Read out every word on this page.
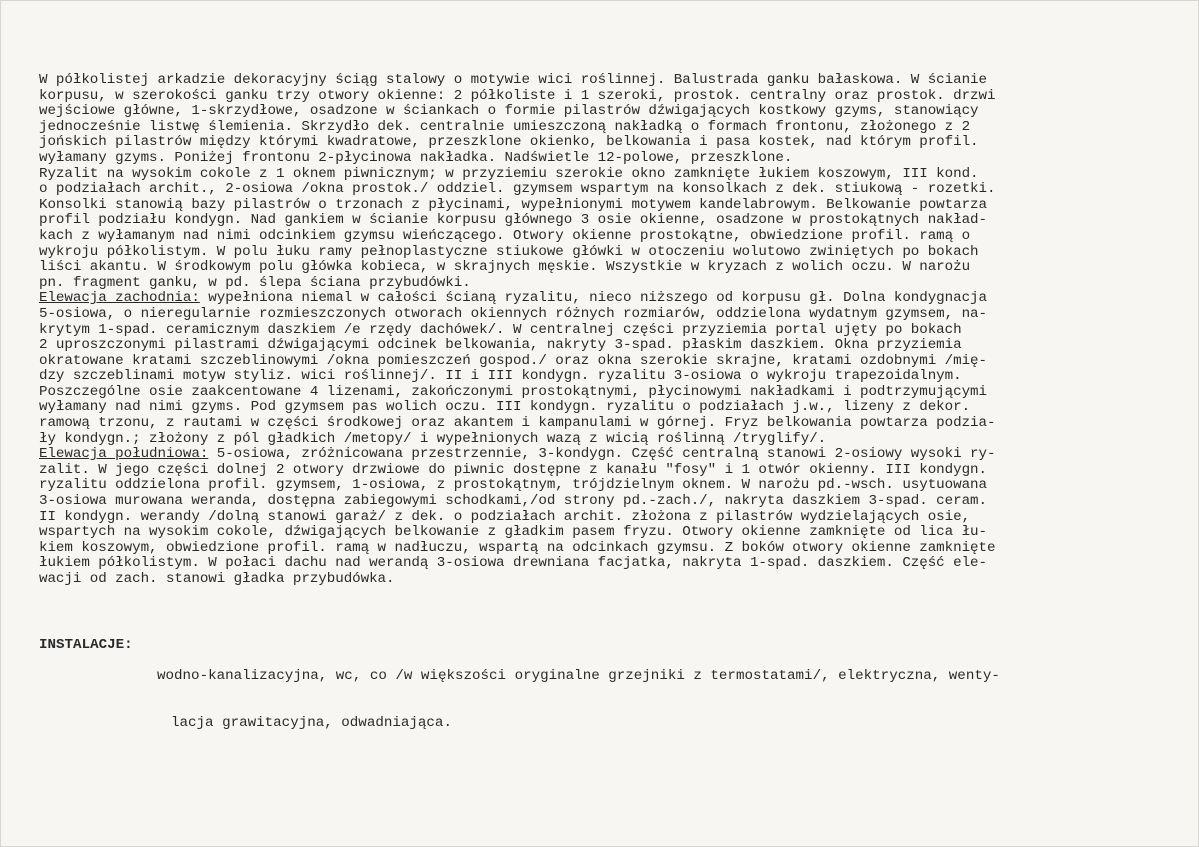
W półkolistej arkadzie dekoracyjny ściąg stalowy o motywie wici roślinnej. Balustrada ganku bałaskowa. W ścianie
korpusu, w szerokości ganku trzy otwory okienne: 2 półkoliste i 1 szeroki, prostok. centralny oraz prostok. drzwi
wejściowe główne, 1-skrzydłowe, osadzone w ściankach o formie pilastrów dźwigających kostkowy gzyms, stanowiący
jednocześnie listwę ślemienia. Skrzydło dek. centralnie umieszczoną nakładką o formach frontonu, złożonego z 2
jońskich pilastrów między którymi kwadratowe, przeszklone okienko, belkowania i pasa kostek, nad którym profil.
wyłamany gzyms. Poniżej frontonu 2-płycinowa nakładka. Nadświetle 12-polowe, przeszklone.
Ryzalit na wysokim cokole z 1 oknem piwnicznym; w przyziemiu szerokie okno zamknięte łukiem koszowym, III kond.
o podziałach archit., 2-osiowa /okna prostok./ oddziel. gzymsem wspartym na konsolkach z dek. stiukową - rozetki.
Konsolki stanowią bazy pilastrów o trzonach z płycinami, wypełnionymi motywem kandelabrowym. Belkowanie powtarza
profil podziału kondygn. Nad gankiem w ścianie korpusu głównego 3 osie okienne, osadzone w prostokątnych nakład-
kach z wyłamanym nad nimi odcinkiem gzymsu wieńczącego. Otwory okienne prostokątne, obwiedzione profil. ramą o
wykroju półkolistym. W polu łuku ramy pełnoplastyczne stiukowe główki w otoczeniu wolutowo zwiniętych po bokach
liści akantu. W środkowym polu główka kobieca, w skrajnych męskie. Wszystkie w kryzach z wolich oczu. W narożu
pn. fragment ganku, w pd. ślepa ściana przybudówki.
Elewacja zachodnia: wypełniona niemal w całości ścianą ryzalitu, nieco niższego od korpusu gł. Dolna kondygnacja
5-osiowa, o nieregularnie rozmieszczonych otworach okiennych różnych rozmiarów, oddzielona wydatnym gzymsem, na-
krytym 1-spad. ceramicznym daszkiem /e rzędy dachówek/. W centralnej części przyziemia portal ujęty po bokach
2 uproszczonymi pilastrami dźwigającymi odcinek belkowania, nakryty 3-spad. płaskim daszkiem. Okna przyziemia
okratowane kratami szczeblinowymi /okna pomieszczeń gospod./ oraz okna szerokie skrajne, kratami ozdobnymi /mię-
dzy szczeblinami motyw styliz. wici roślinnej/. II i III kondygn. ryzalitu 3-osiowa o wykroju trapezoidalnym.
Poszczególne osie zaakcentowane 4 lizenami, zakończonymi prostokątnymi, płycinowymi nakładkami i podtrzymującymi
wyłamany nad nimi gzyms. Pod gzymsem pas wolich oczu. III kondygn. ryzalitu o podziałach j.w., lizeny z dekor.
ramową trzonu, z rautami w części środkowej oraz akantem i kampanulami w górnej. Fryz belkowania powtarza podzia-
ły kondygn.; złożony z pól gładkich /metopy/ i wypełnionych wazą z wicią roślinną /tryglify/.
Elewacja południowa: 5-osiowa, zróżnicowana przestrzennie, 3-kondygn. Część centralną stanowi 2-osiowy wysoki ry-
zalit. W jego części dolnej 2 otwory drzwiowe do piwnic dostępne z kanału "fosy" i 1 otwór okienny. III kondygn.
ryzalitu oddzielona profil. gzymsem, 1-osiowa, z prostokątnym, trójdzielnym oknem. W narożu pd.-wsch. usytuowana
3-osiowa murowana weranda, dostępna zabiegowymi schodkami,/od strony pd.-zach./, nakryta daszkiem 3-spad. ceram.
II kondygn. werandy /dolną stanowi garaż/ z dek. o podziałach archit. złożona z pilastrów wydzielających osie,
wspartych na wysokim cokole, dźwigających belkowanie z gładkim pasem fryzu. Otwory okienne zamknięte od lica łu-
kiem koszowym, obwiedzione profil. ramą w nadłuczu, wspartą na odcinkach gzymsu. Z boków otwory okienne zamknięte
łukiem półkolistym. W połaci dachu nad werandą 3-osiowa drewniana facjatka, nakryta 1-spad. daszkiem. Część ele-
wacji od zach. stanowi gładka przybudówka.
INSTALACJE:

wodno-kanalizacyjna, wc, co /w większości oryginalne grzejniki z termostatami/, elektryczna, wenty-

lacja grawitacyjna, odwadniająca.
